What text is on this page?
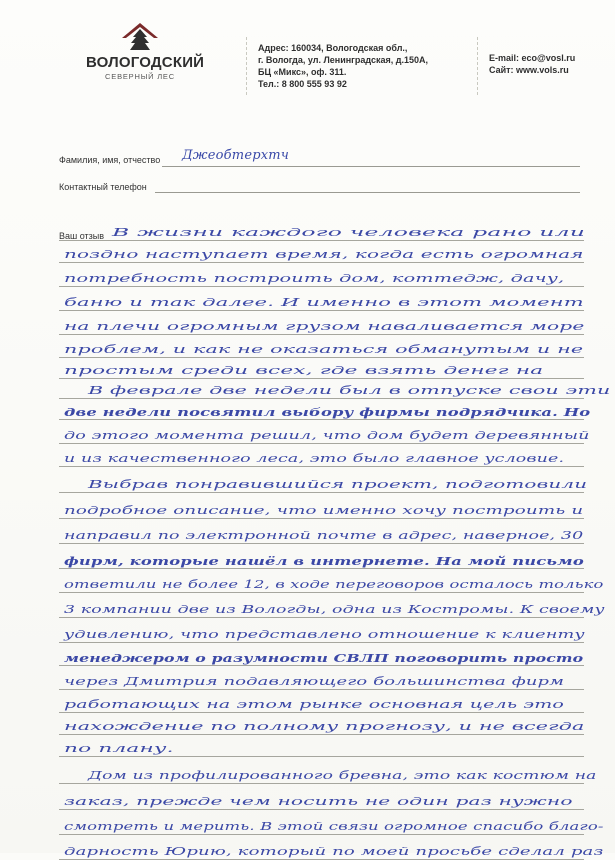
ВОЛОГОДСКИЙ
СЕВЕРНЫЙ ЛЕС
Адрес: 160034, Вологодская обл.,
г. Вологда, ул. Ленинградская, д.150А,
БЦ «Микс», оф. 311.
Тел.: 8 800 555 93 92
E-mail: eco@vosl.ru
Сайт: www.vols.ru
Фамилия, имя, отчество Джеобтерхтч
Контактный телефон
Ваш отзыв В жизни каждого человека рано или
поздно наступает время, когда есть огромная
потребность построить дом, коттедж, дачу,
баню и так далее. И именно в этот момент
на плечи огромным грузом наваливается море
проблем, и как не оказаться обманутым и не
простым среди всех, где взять денег на
В феврале две недели был в отпуске свои эти
две недели посвятил выбору фирмы подрядчика. Но
до этого момента решил, что дом будет деревянный
и из качественного леса, это было главное условие.
Выбрав понравившийся проект, подготовили
подробное описание, что именно хочу построить и
направил по электронной почте в адрес, наверное, 30
фирм, которые нашёл в интернете. На мой письмо
ответили не более 12, в ходе переговоров осталось только
3 компании две из Вологды, одна из Костромы. К своему
удивлению, что представлено отношение к клиенту
менеджером о разумности СВЛП поговорить просто
через Дмитрия подавляющего большинства фирм
работающих на этом рынке основная цель это
нахождение по полному прогнозу, и не всегда
по плану.
Дом из профилированного бревна, это как костюм на
заказ, прежде чем носить не один раз нужно
смотреть и мерить. В этой связи огромное спасибо благо-
дарность Юрию, который по моей просьбе сделал раз
